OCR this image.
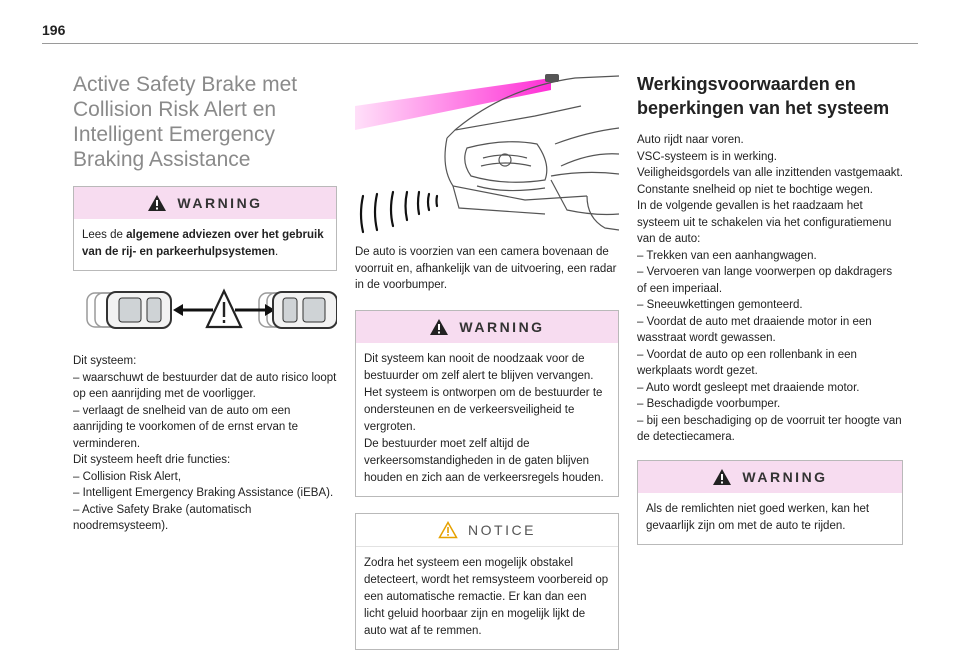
196
Active Safety Brake met Collision Risk Alert en Intelligent Emergency Braking Assistance
WARNING

Lees de algemene adviezen over het gebruik van de rij- en parkeerhulpsystemen.

Dit systeem:

– waarschuwt de bestuurder dat de auto risico loopt op een aanrijding met de voorligger.

– verlaagt de snelheid van de auto om een aanrijding te voorkomen of de ernst ervan te verminderen.

Dit systeem heeft drie functies:

– Collision Risk Alert,

– Intelligent Emergency Braking Assistance (iEBA).

– Active Safety Brake (automatisch noodremsysteem).

De auto is voorzien van een camera bovenaan de voorruit en, afhankelijk van de uitvoering, een radar in de voorbumper.
WARNING

Dit systeem kan nooit de noodzaak voor de bestuurder om zelf alert te blijven vervangen.

Het systeem is ontworpen om de bestuurder te ondersteunen en de verkeersveiligheid te vergroten.

De bestuurder moet zelf altijd de verkeersomstandigheden in de gaten blijven houden en zich aan de verkeersregels houden.

NOTICE

Zodra het systeem een mogelijk obstakel detecteert, wordt het remsysteem voorbereid op een automatische remactie. Er kan dan een licht geluid hoorbaar zijn en mogelijk lijkt de auto wat af te remmen.

Werkingsvoorwaarden en beperkingen van het systeem

Auto rijdt naar voren.

VSC-systeem is in werking.

Veiligheidsgordels van alle inzittenden vastgemaakt.

Constante snelheid op niet te bochtige wegen.

In de volgende gevallen is het raadzaam het systeem uit te schakelen via het configuratiemenu van de auto:

– Trekken van een aanhangwagen.

– Vervoeren van lange voorwerpen op dakdragers of een imperiaal.

– Sneeuwkettingen gemonteerd.

– Voordat de auto met draaiende motor in een wasstraat wordt gewassen.

– Voordat de auto op een rollenbank in een werkplaats wordt gezet.

– Auto wordt gesleept met draaiende motor.

– Beschadigde voorbumper.

– bij een beschadiging op de voorruit ter hoogte van de detectiecamera.

WARNING

Als de remlichten niet goed werken, kan het gevaarlijk zijn om met de auto te rijden.
